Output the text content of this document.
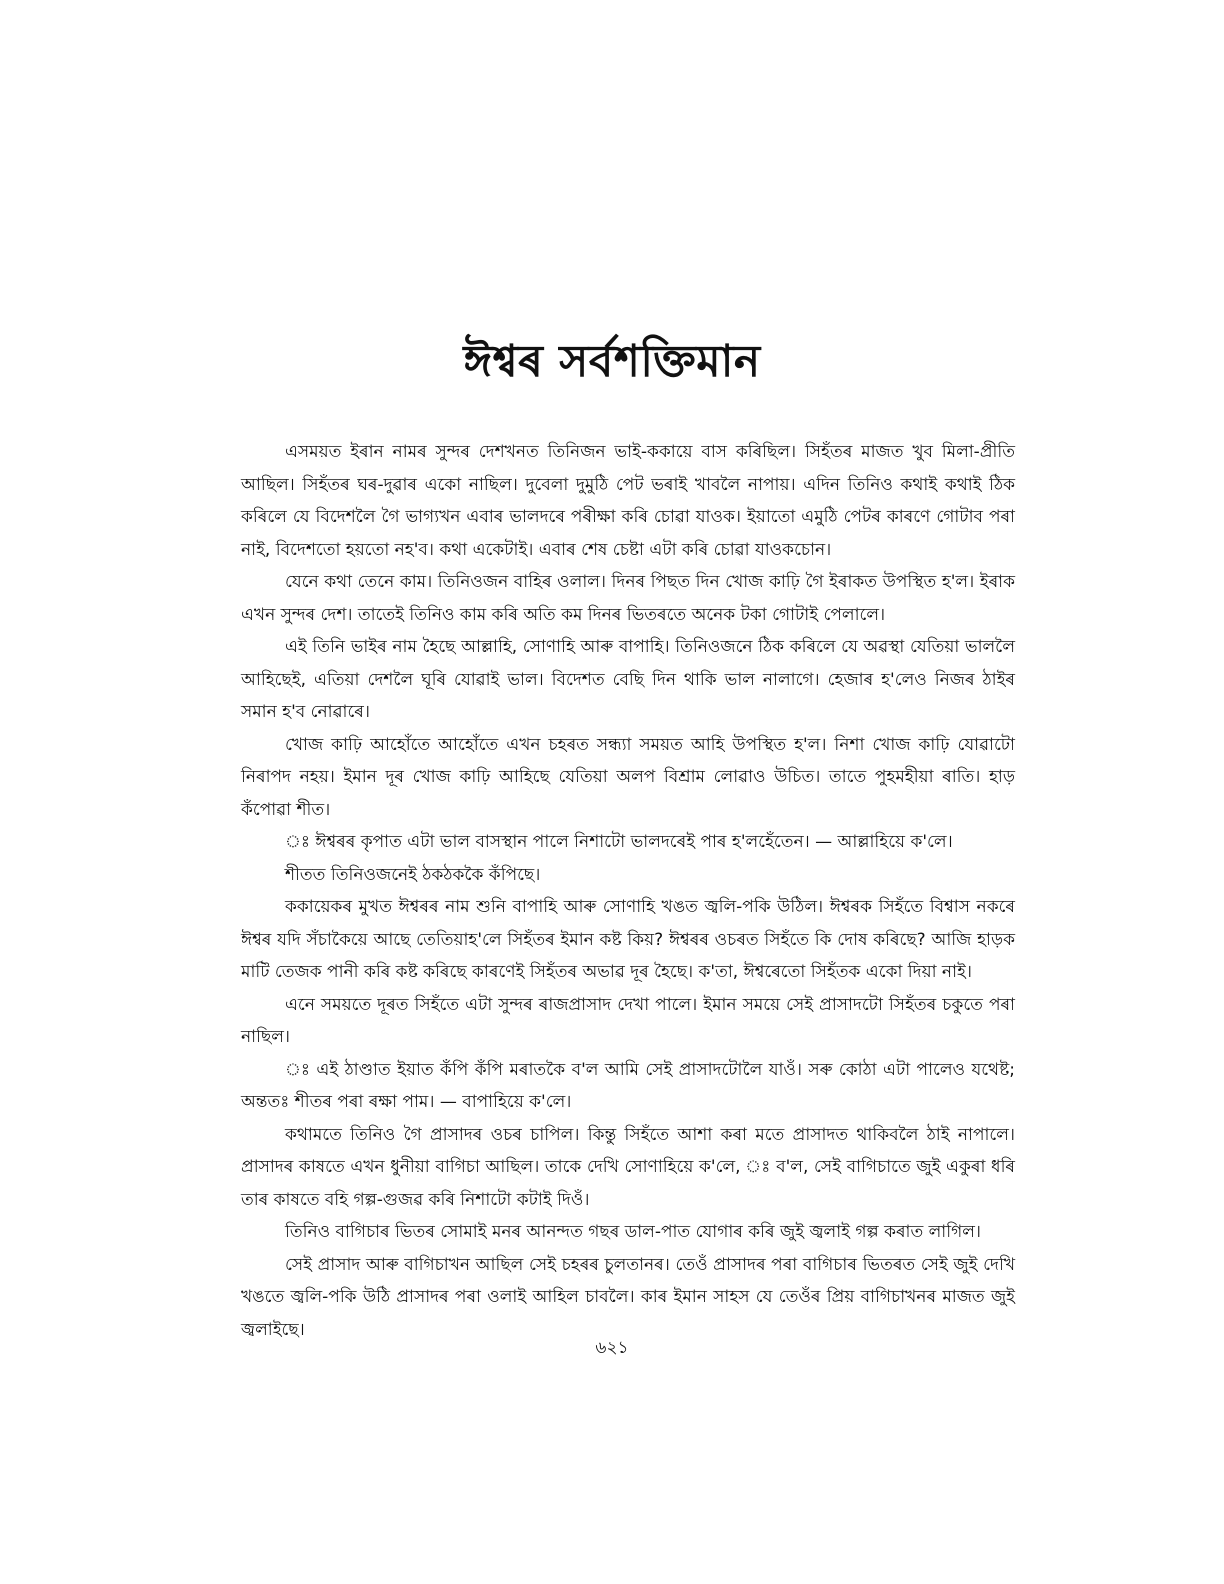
ঈশ্বৰ সৰ্বশক্তিমান

এসময়ত ইৰান নামৰ সুন্দৰ দেশখনত তিনিজন ভাই-ককায়ে বাস কৰিছিল। সিহঁতৰ মাজত খুব মিলা-প্ৰীতি আছিল। সিহঁতৰ ঘৰ-দুৱাৰ একো নাছিল। দুবেলা দুমুঠি পেট ভৰাই খাবলৈ নাপায়। এদিন তিনিও কথাই কথাই ঠিক কৰিলে যে বিদেশলৈ গৈ ভাগ্যখন এবাৰ ভালদৰে পৰীক্ষা কৰি চোৱা যাওক। ইয়াতো এমুঠি পেটৰ কাৰণে গোটাব পৰা নাই, বিদেশতো হয়তো নহ'ব। কথা একেটাই। এবাৰ শেষ চেষ্টা এটা কৰি চোৱা যাওকচোন।

যেনে কথা তেনে কাম। তিনিওজন বাহিৰ ওলাল। দিনৰ পিছত দিন খোজ কাঢ়ি গৈ ইৰাকত উপস্থিত হ'ল। ইৰাক এখন সুন্দৰ দেশ। তাতেই তিনিও কাম কৰি অতি কম দিনৰ ভিতৰতে অনেক টকা গোটাই পেলালে।

এই তিনি ভাইৰ নাম হৈছে আল্লাহি, সোণাহি আৰু বাপাহি। তিনিওজনে ঠিক কৰিলে যে অৱস্থা যেতিয়া ভাললৈ আহিছেই, এতিয়া দেশলৈ ঘূৰি যোৱাই ভাল। বিদেশত বেছি দিন থাকি ভাল নালাগে। হেজাৰ হ'লেও নিজৰ ঠাইৰ সমান হ'ব নোৱাৰে।

খোজ কাঢ়ি আহোঁতে আহোঁতে এখন চহৰত সন্ধ্যা সময়ত আহি উপস্থিত হ'ল। নিশা খোজ কাঢ়ি যোৱাটো নিৰাপদ নহয়। ইমান দূৰ খোজ কাঢ়ি আহিছে যেতিয়া অলপ বিশ্ৰাম লোৱাও উচিত। তাতে পুহমহীয়া ৰাতি। হাড় কঁপোৱা শীত।

ঃ ঈশ্বৰৰ কৃপাত এটা ভাল বাসস্থান পালে নিশাটো ভালদৰেই পাৰ হ'লহেঁতেন। — আল্লাহিয়ে ক'লে।

শীতত তিনিওজনেই ঠকঠককৈ কঁপিছে।

ককায়েকৰ মুখত ঈশ্বৰৰ নাম শুনি বাপাহি আৰু সোণাহি খঙত জ্বলি-পকি উঠিল। ঈশ্বৰক সিহঁতে বিশ্বাস নকৰে ঈশ্বৰ যদি সঁচাকৈয়ে আছে তেতিয়াহ'লে সিহঁতৰ ইমান কষ্ট কিয়? ঈশ্বৰৰ ওচৰত সিহঁতে কি দোষ কৰিছে? আজি হাড়ক মাটি তেজক পানী কৰি কষ্ট কৰিছে কাৰণেই সিহঁতৰ অভাৱ দূৰ হৈছে। ক'তা, ঈশ্বৰেতো সিহঁতক একো দিয়া নাই।

এনে সময়তে দূৰত সিহঁতে এটা সুন্দৰ ৰাজপ্ৰাসাদ দেখা পালে। ইমান সময়ে সেই প্ৰাসাদটো সিহঁতৰ চকুতে পৰা নাছিল।

ঃ এই ঠাণ্ডাত ইয়াত কঁপি কঁপি মৰাতকৈ ব'ল আমি সেই প্ৰাসাদটোলৈ যাওঁ। সৰু কোঠা এটা পালেও যথেষ্ট; অন্ততঃ শীতৰ পৰা ৰক্ষা পাম। — বাপাহিয়ে ক'লে।

কথামতে তিনিও গৈ প্ৰাসাদৰ ওচৰ চাপিল। কিন্তু সিহঁতে আশা কৰা মতে প্ৰাসাদত থাকিবলৈ ঠাই নাপালে। প্ৰাসাদৰ কাষতে এখন ধুনীয়া বাগিচা আছিল। তাকে দেখি সোণাহিয়ে ক'লে, ঃ ব'ল, সেই বাগিচাতে জুই একুৰা ধৰি তাৰ কাষতে বহি গল্প-গুজৱ কৰি নিশাটো কটাই দিওঁ।

তিনিও বাগিচাৰ ভিতৰ সোমাই মনৰ আনন্দত গছৰ ডাল-পাত যোগাৰ কৰি জুই জ্বলাই গল্প কৰাত লাগিল।

সেই প্ৰাসাদ আৰু বাগিচাখন আছিল সেই চহৰৰ চুলতানৰ। তেওঁ প্ৰাসাদৰ পৰা বাগিচাৰ ভিতৰত সেই জুই দেখি খঙতে জ্বলি-পকি উঠি প্ৰাসাদৰ পৰা ওলাই আহিল চাবলৈ। কাৰ ইমান সাহস যে তেওঁৰ প্ৰিয় বাগিচাখনৰ মাজত জুই জ্বলাইছে।

৬২১
